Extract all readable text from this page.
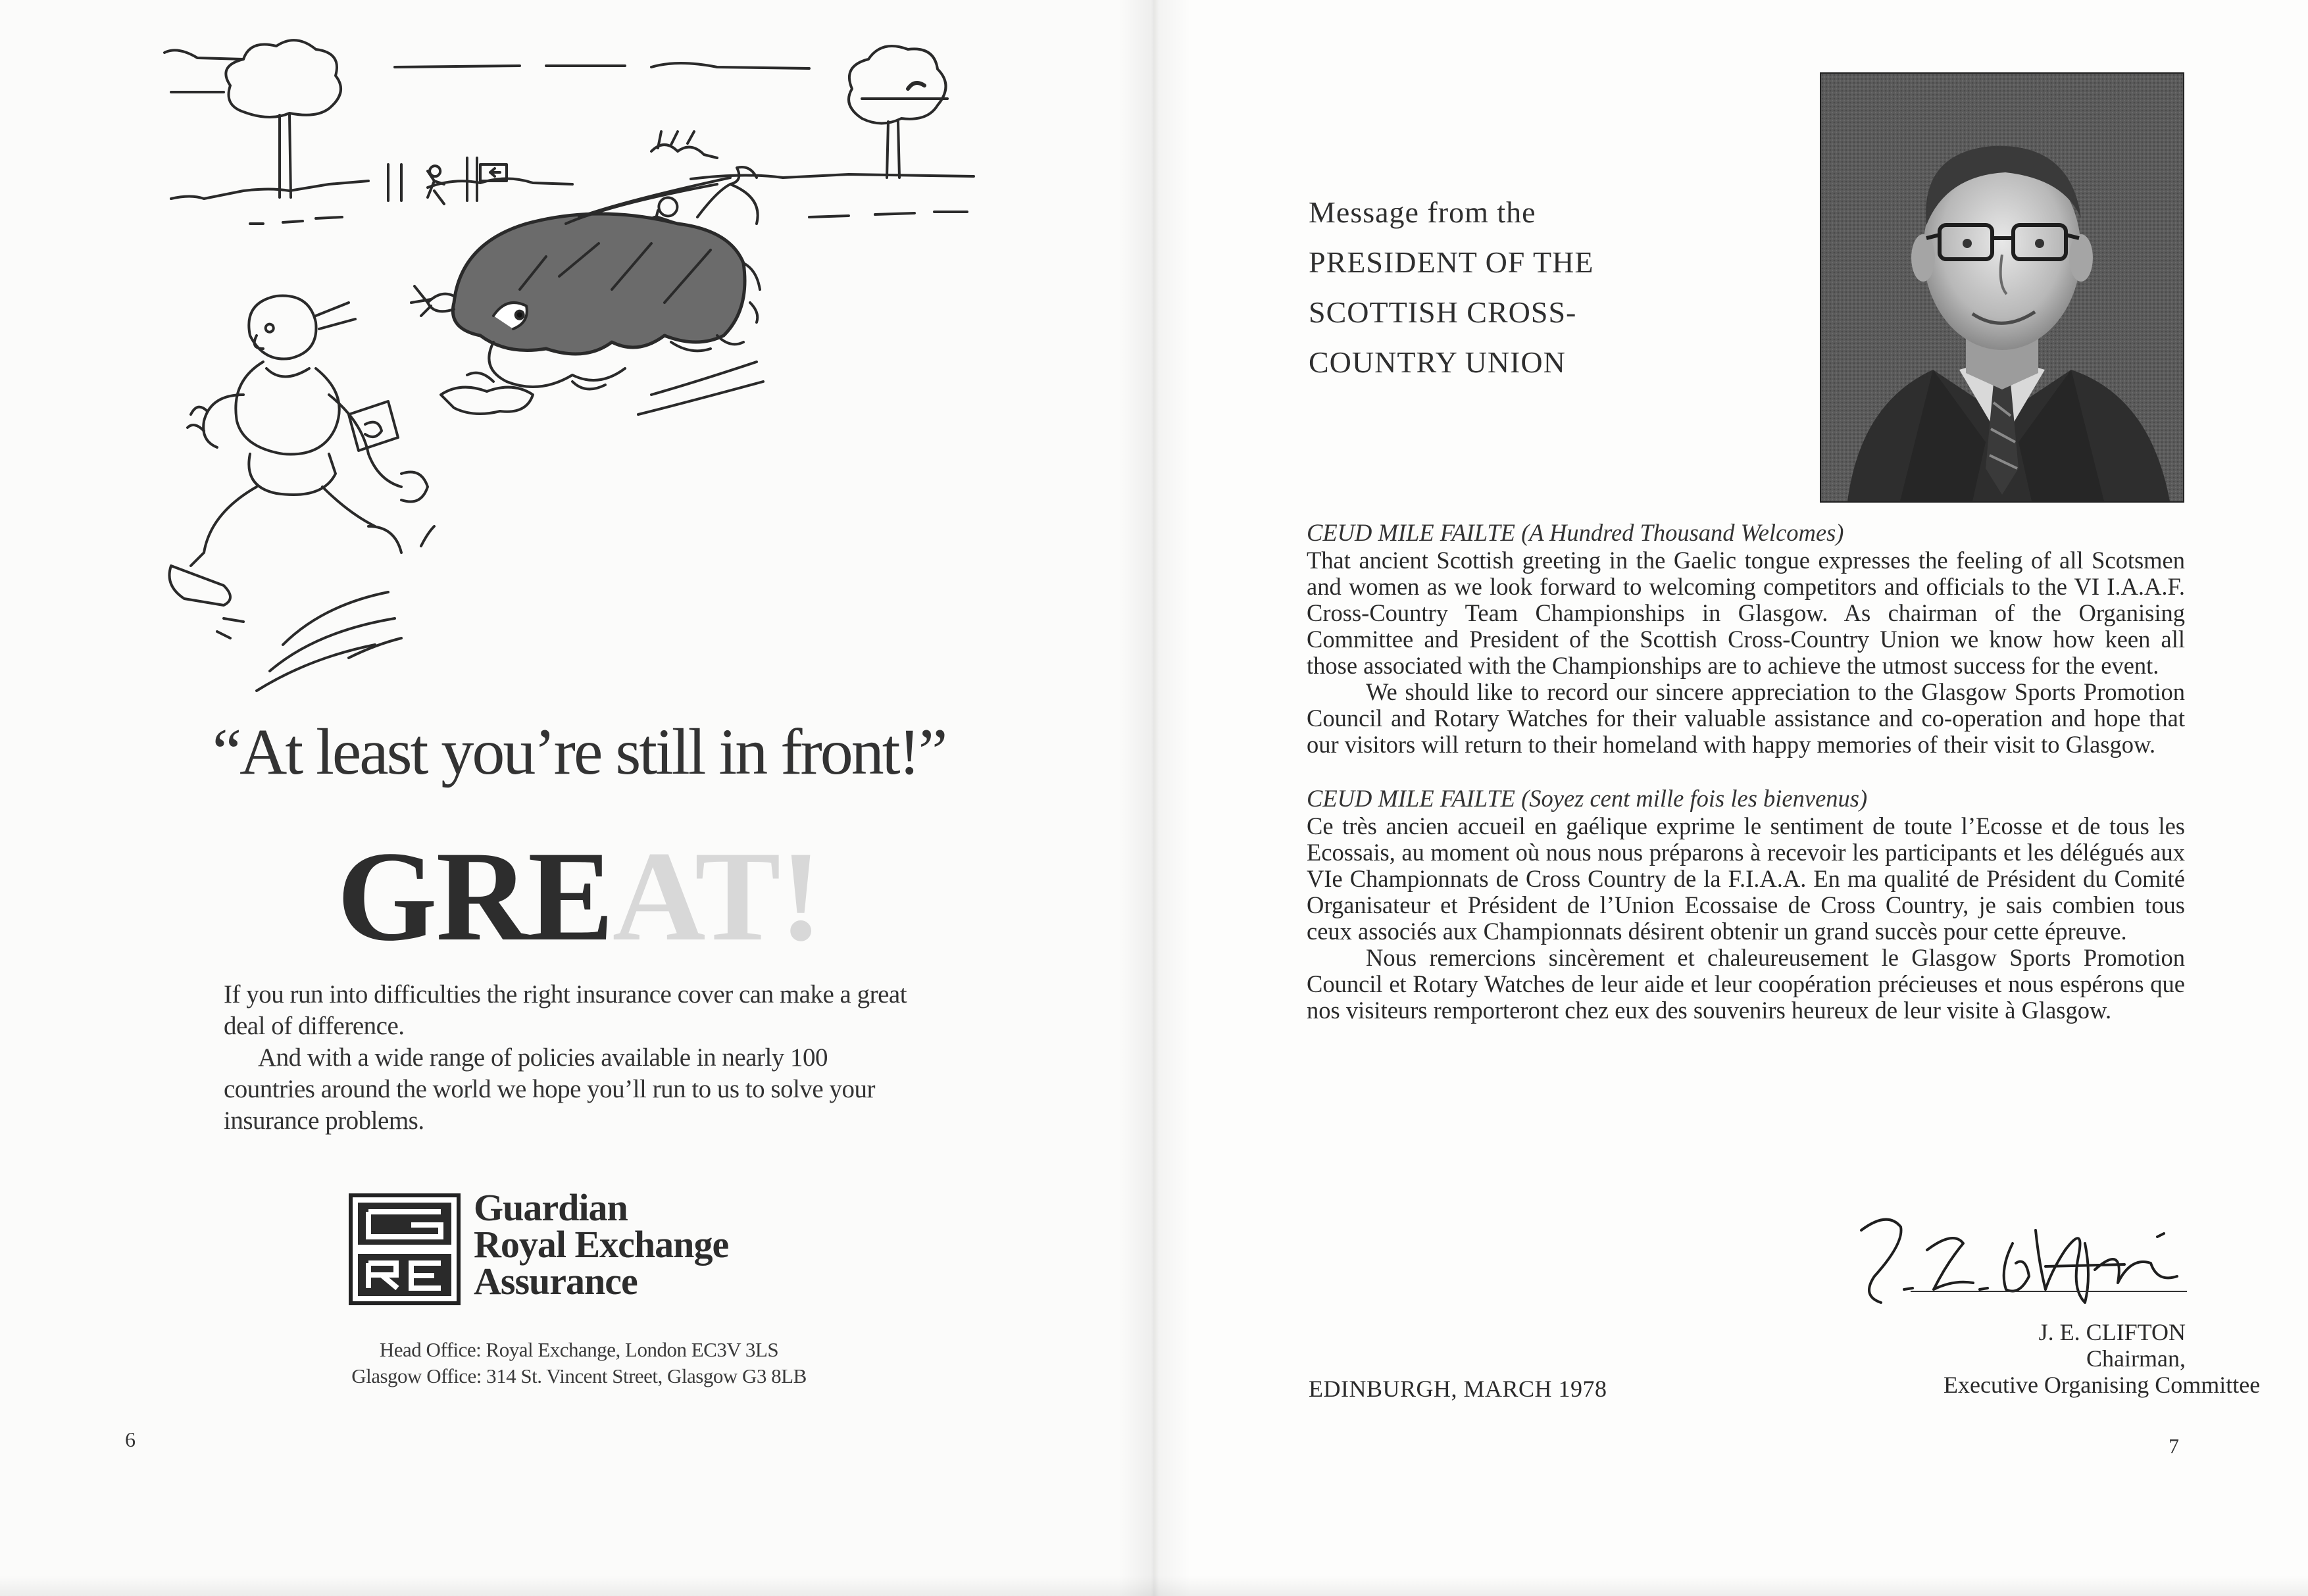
“At least you’re still in front!”
GREAT!

If you run into difficulties the right insurance cover can make a great deal of difference.

And with a wide range of policies available in nearly 100 countries around the world we hope you’ll run to us to solve your insurance problems.

Guardian
Royal Exchange
Assurance
Head Office: Royal Exchange, London EC3V 3LS
Glasgow Office: 314 St. Vincent Street, Glasgow G3 8LB
6
Message from the
PRESIDENT OF THE
SCOTTISH CROSS-
COUNTRY UNION

CEUD MILE FAILTE (A Hundred Thousand Welcomes)

That ancient Scottish greeting in the Gaelic tongue expresses the feeling of all Scotsmen and women as we look forward to welcoming competitors and officials to the VI I.A.A.F. Cross-Country Team Championships in Glasgow. As chairman of the Organising Committee and President of the Scottish Cross-Country Union we know how keen all those associated with the Championships are to achieve the utmost success for the event.

We should like to record our sincere appreciation to the Glasgow Sports Promotion Council and Rotary Watches for their valuable assistance and co-operation and hope that our visitors will return to their homeland with happy memories of their visit to Glasgow.

CEUD MILE FAILTE (Soyez cent mille fois les bienvenus)

Ce très ancien accueil en gaélique exprime le sentiment de toute l’Ecosse et de tous les Ecossais, au moment où nous nous préparons à recevoir les participants et les délégués aux VIe Championnats de Cross Country de la F.I.A.A. En ma qualité de Président du Comité Organisateur et Président de l’Union Ecossaise de Cross Country, je sais combien tous ceux associés aux Championnats désirent obtenir un grand succès pour cette épreuve.

Nous remercions sincèrement et chaleureusement le Glasgow Sports Promotion Council et Rotary Watches de leur aide et leur coopération précieuses et nous espérons que nos visiteurs remporteront chez eux des souvenirs heureux de leur visite à Glasgow.

J. E. CLIFTON
Chairman,
Executive Organising Committee
EDINBURGH, MARCH 1978
7
